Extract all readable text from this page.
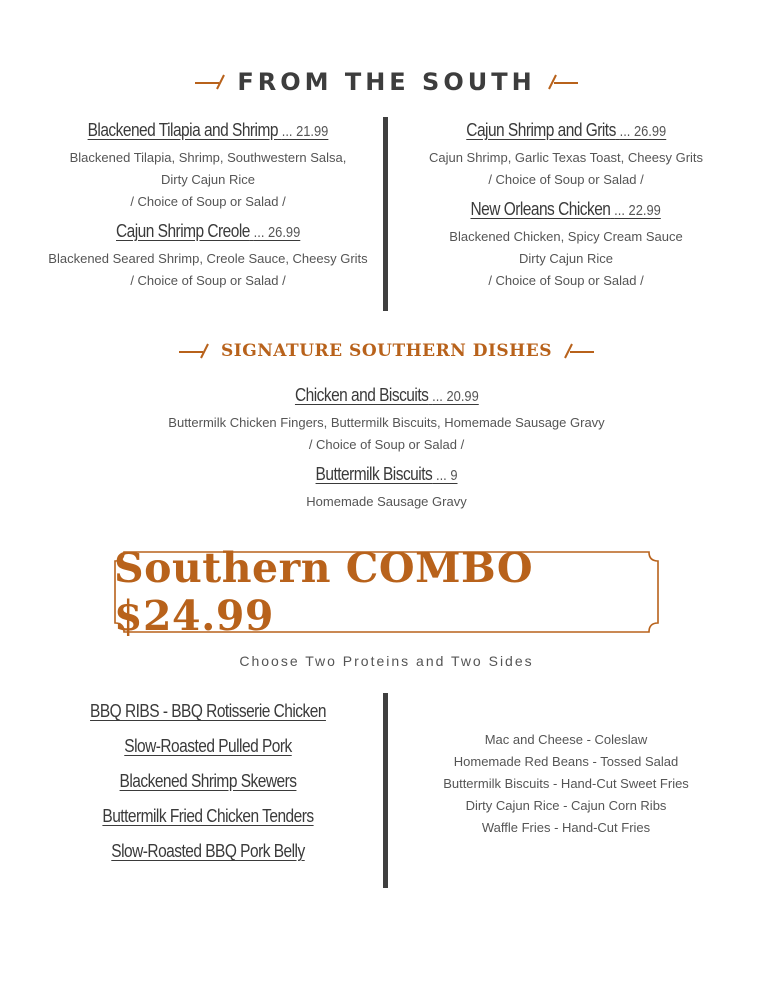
FROM THE SOUTH
Blackened Tilapia and Shrimp ... 21.99
Blackened Tilapia, Shrimp, Southwestern Salsa,
Dirty Cajun Rice
/ Choice of Soup or Salad /
Cajun Shrimp Creole ... 26.99
Blackened Seared Shrimp, Creole Sauce, Cheesy Grits
/ Choice of Soup or Salad /
Cajun Shrimp and Grits ... 26.99
Cajun Shrimp, Garlic Texas Toast, Cheesy Grits
/ Choice of Soup or Salad /
New Orleans Chicken ... 22.99
Blackened Chicken, Spicy Cream Sauce
Dirty Cajun Rice
/ Choice of Soup or Salad /
SIGNATURE SOUTHERN DISHES
Chicken and Biscuits ... 20.99
Buttermilk Chicken Fingers, Buttermilk Biscuits, Homemade Sausage Gravy
/ Choice of Soup or Salad /
Buttermilk Biscuits ... 9
Homemade Sausage Gravy
Southern COMBO $24.99
Choose Two Proteins and Two Sides
BBQ RIBS - BBQ Rotisserie Chicken
Slow-Roasted Pulled Pork
Blackened Shrimp Skewers
Buttermilk Fried Chicken Tenders
Slow-Roasted BBQ Pork Belly
Mac and Cheese - Coleslaw
Homemade Red Beans - Tossed Salad
Buttermilk Biscuits - Hand-Cut Sweet Fries
Dirty Cajun Rice - Cajun Corn Ribs
Waffle Fries - Hand-Cut Fries
